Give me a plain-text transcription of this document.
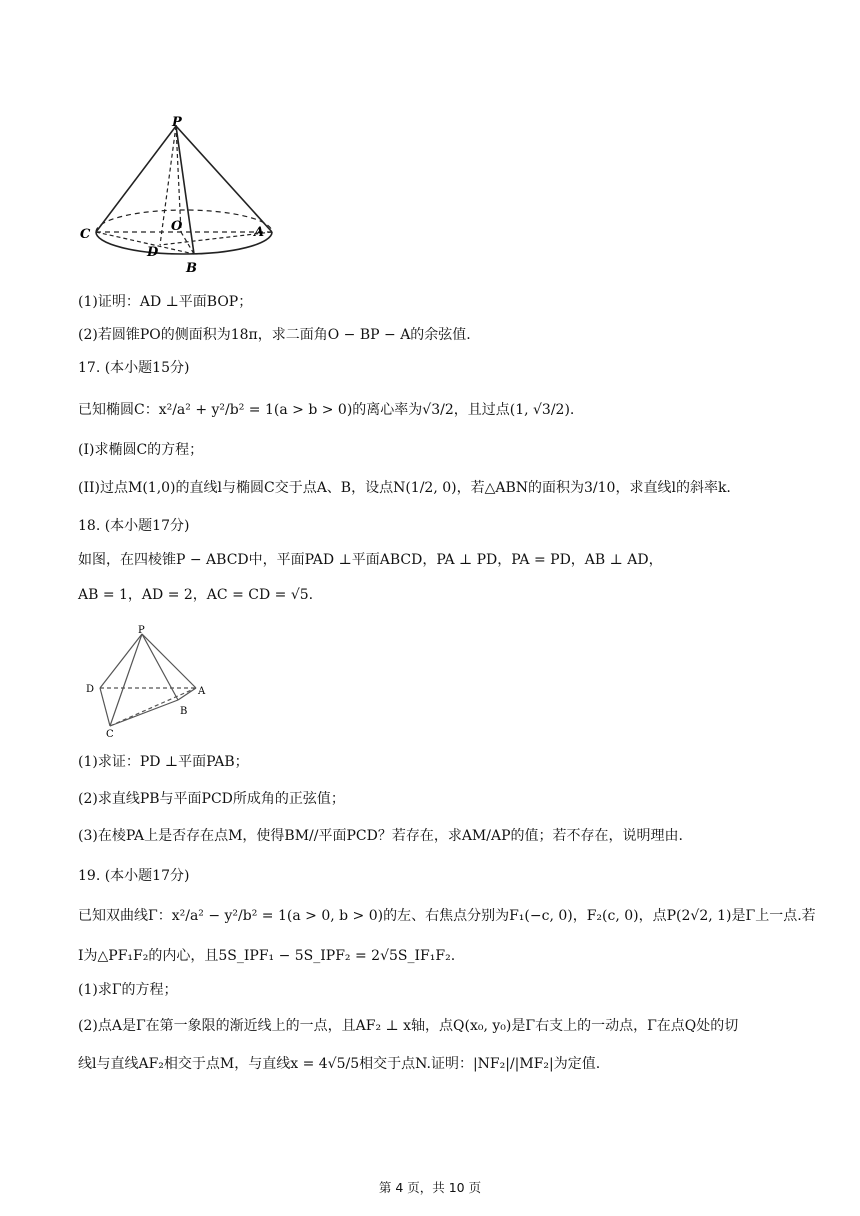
P
C	A
O
D
B
(1)证明：AD ⊥平面BOP；
(2)若圆锥PO的侧面积为18π，求二面角O − BP − A的余弦值.
17. (本小题15分)
已知椭圆C：x²/a² + y²/b² = 1(a > b > 0)的离心率为√3/2，且过点(1, √3/2).
(I)求椭圆C的方程；
(II)过点M(1,0)的直线l与椭圆C交于点A、B，设点N(1/2, 0)，若△ABN的面积为3/10，求直线l的斜率k.
18. (本小题17分)
如图，在四棱锥P − ABCD中，平面PAD ⊥平面ABCD，PA ⊥ PD，PA = PD，AB ⊥ AD，
AB = 1，AD = 2，AC = CD = √5.
P
D	A
B
C
(1)求证：PD ⊥平面PAB；
(2)求直线PB与平面PCD所成角的正弦值；
(3)在棱PA上是否存在点M，使得BM//平面PCD？若存在，求AM/AP的值；若不存在，说明理由.
19. (本小题17分)
已知双曲线Γ：x²/a² − y²/b² = 1(a > 0, b > 0)的左、右焦点分别为F₁(−c, 0)，F₂(c, 0)，点P(2√2, 1)是Γ上一点.若
I为△PF₁F₂的内心，且5S_IPF₁ − 5S_IPF₂ = 2√5S_IF₁F₂.
(1)求Γ的方程；
(2)点A是Γ在第一象限的渐近线上的一点，且AF₂ ⊥ x轴，点Q(x₀, y₀)是Γ右支上的一动点，Γ在点Q处的切
线l与直线AF₂相交于点M，与直线x = 4√5/5相交于点N.证明：|NF₂|/|MF₂|为定值.
第 4 页，共 10 页
